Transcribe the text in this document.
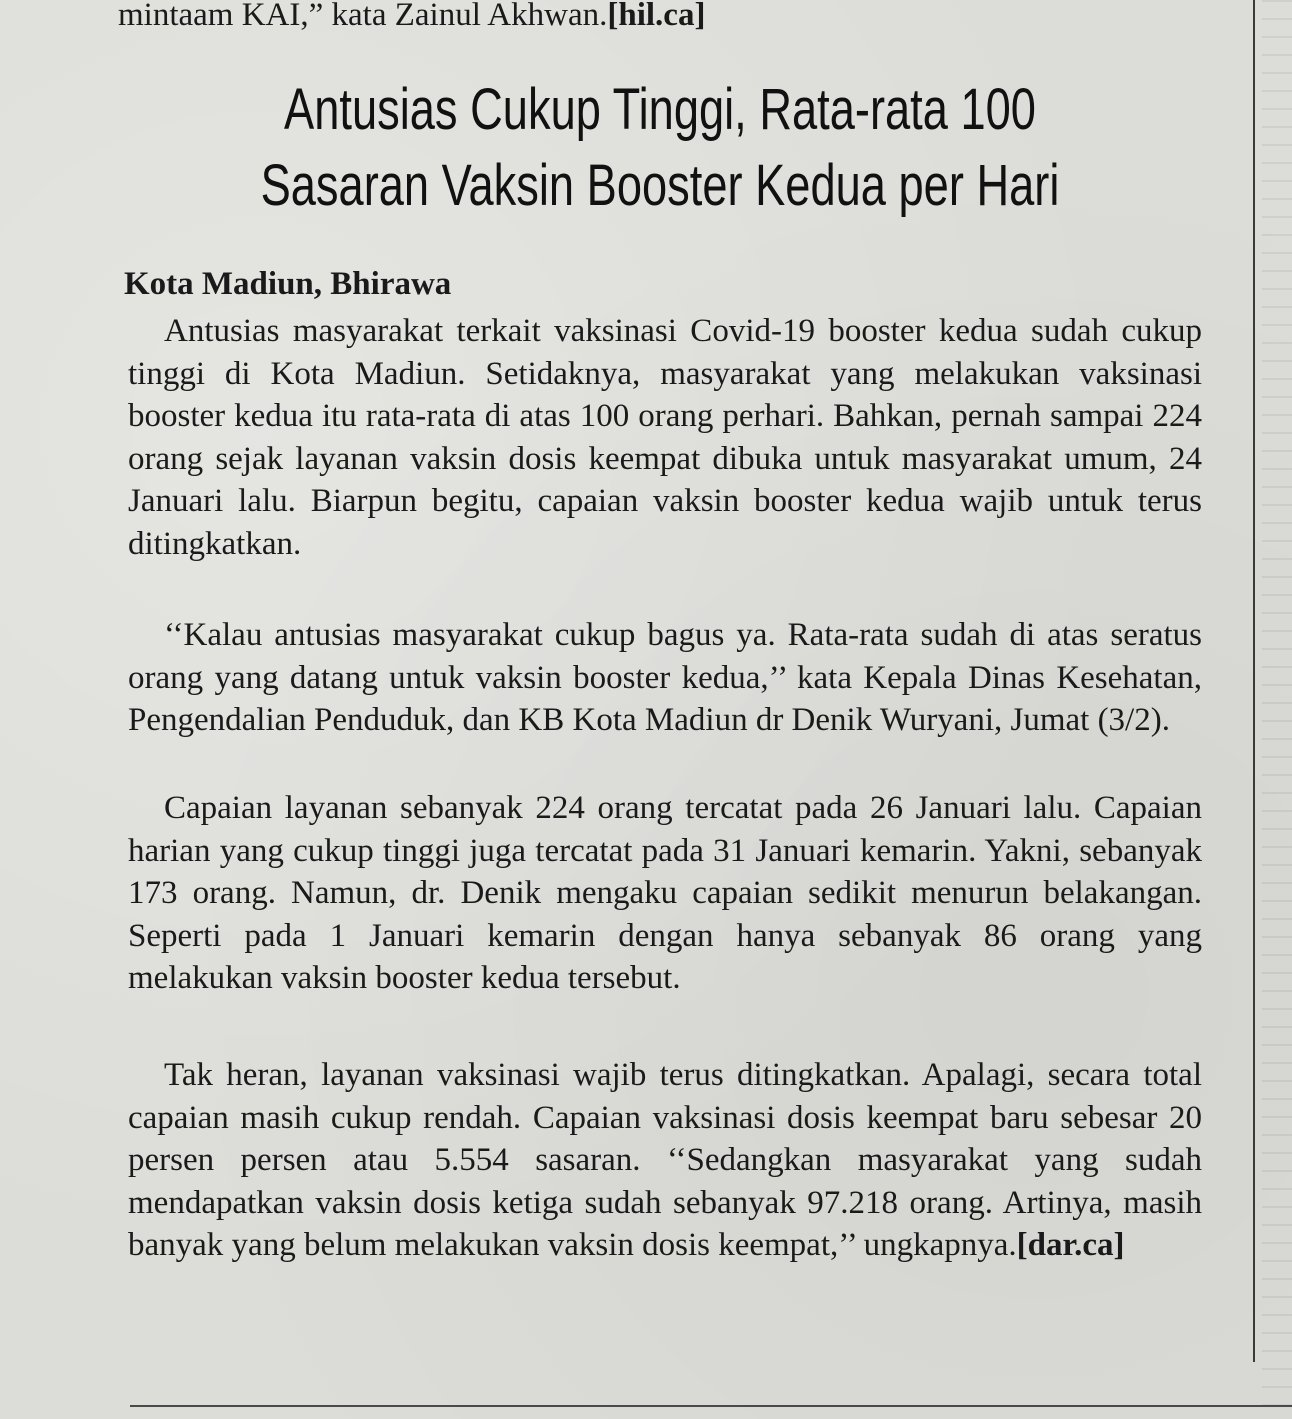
mintaam KAI,” kata Zainul Akhwan.[hil.ca]
Antusias Cukup Tinggi, Rata-rata 100
Sasaran Vaksin Booster Kedua per Hari
Kota Madiun, Bhirawa

Antusias masyarakat terkait vaksinasi Covid-19 booster kedua sudah cukup tinggi di Kota Madiun. Setidaknya, masyarakat yang melakukan vaksinasi booster kedua itu rata-rata di atas 100 orang perhari. Bahkan, pernah sampai 224 orang sejak layanan vaksin dosis keempat dibuka untuk masyarakat umum, 24 Januari lalu. Biarpun begitu, capaian vaksin booster kedua wajib untuk terus ditingkatkan.

‘‘Kalau antusias masyarakat cukup bagus ya. Rata-rata sudah di atas seratus orang yang datang untuk vaksin booster kedua,’’ kata Kepala Dinas Kesehatan, Pengendalian Penduduk, dan KB Kota Madiun dr Denik Wuryani, Jumat (3/2).

Capaian layanan sebanyak 224 orang tercatat pada 26 Januari lalu. Capaian harian yang cukup tinggi juga tercatat pada 31 Januari kemarin. Yakni, sebanyak 173 orang. Namun, dr. Denik mengaku capaian sedikit menurun belakangan. Seperti pada 1 Januari kemarin dengan hanya sebanyak 86 orang yang melakukan vaksin booster kedua tersebut.

Tak heran, layanan vaksinasi wajib terus ditingkatkan. Apalagi, secara total capaian masih cukup rendah. Capaian vaksinasi dosis keempat baru sebesar 20 persen persen atau 5.554 sasaran. ‘‘Sedangkan masyarakat yang sudah mendapatkan vaksin dosis ketiga sudah sebanyak 97.218 orang. Artinya, masih banyak yang belum melakukan vaksin dosis keempat,’’ ungkapnya.[dar.ca]
